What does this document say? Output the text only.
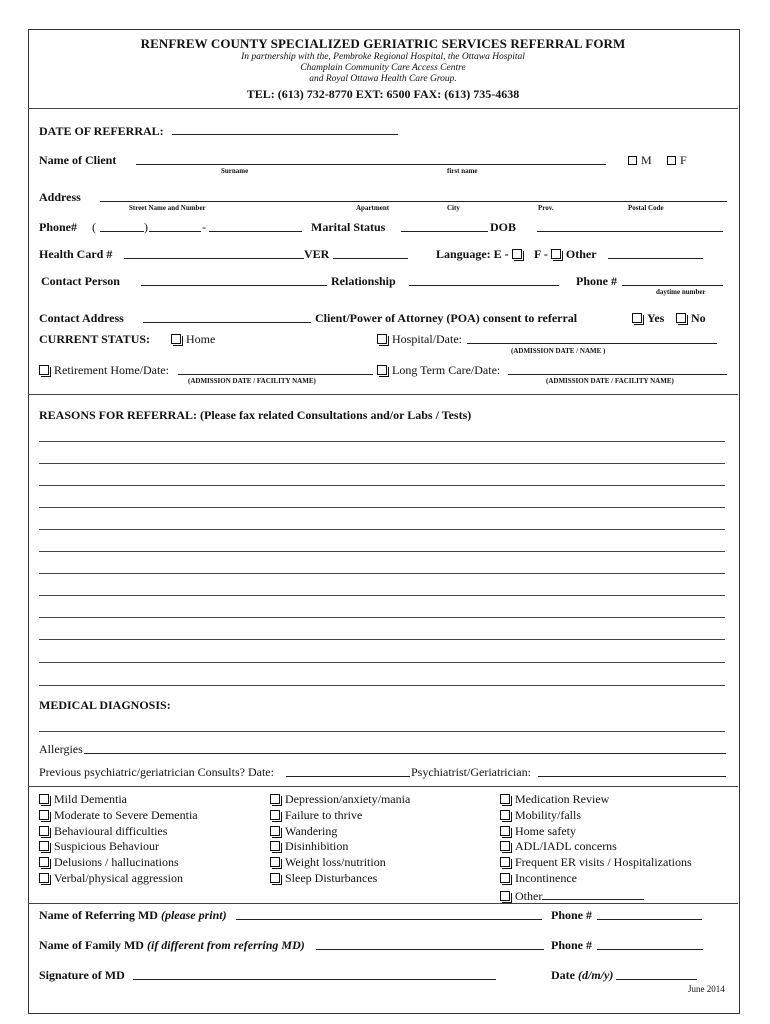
RENFREW COUNTY SPECIALIZED GERIATRIC SERVICES REFERRAL FORM
In partnership with the, Pembroke Regional Hospital, the Ottawa Hospital
Champlain Community Care Access Centre
and Royal Ottawa Health Care Group.
TEL: (613) 732-8770 EXT: 6500 FAX: (613) 735-4638
DATE OF REFERRAL:
Name of Client
Surname	first name
M	F
Address
Street Name and Number	Apartment	City	Prov.	Postal Code
Phone# (	)	-	Marital Status	DOB
Health Card #	VER	Language: E -	F - Other
Contact Person	Relationship	Phone #
daytime number
Contact Address	Client/Power of Attorney (POA) consent to referral	Yes	No
CURRENT STATUS:	Home	Hospital/Date:
(ADMISSION DATE / NAME )
Retirement Home/Date:
(ADMISSION DATE / FACILITY NAME)
Long Term Care/Date:
(ADMISSION DATE / FACILITY NAME)
REASONS FOR REFERRAL: (Please fax related Consultations and/or Labs / Tests)
MEDICAL DIAGNOSIS:
Allergies
Previous psychiatric/geriatrician Consults? Date:	Psychiatrist/Geriatrician:
Mild Dementia
Moderate to Severe Dementia
Behavioural difficulties
Suspicious Behaviour
Delusions / hallucinations
Verbal/physical aggression
Depression/anxiety/mania
Failure to thrive
Wandering
Disinhibition
Weight loss/nutrition
Sleep Disturbances
Medication Review
Mobility/falls
Home safety
ADL/IADL concerns
Frequent ER visits / Hospitalizations
Incontinence
Other
Name of Referring MD (please print)	Phone #
Name of Family MD (if different from referring MD)	Phone #
Signature of MD	Date (d/m/y)
June 2014
